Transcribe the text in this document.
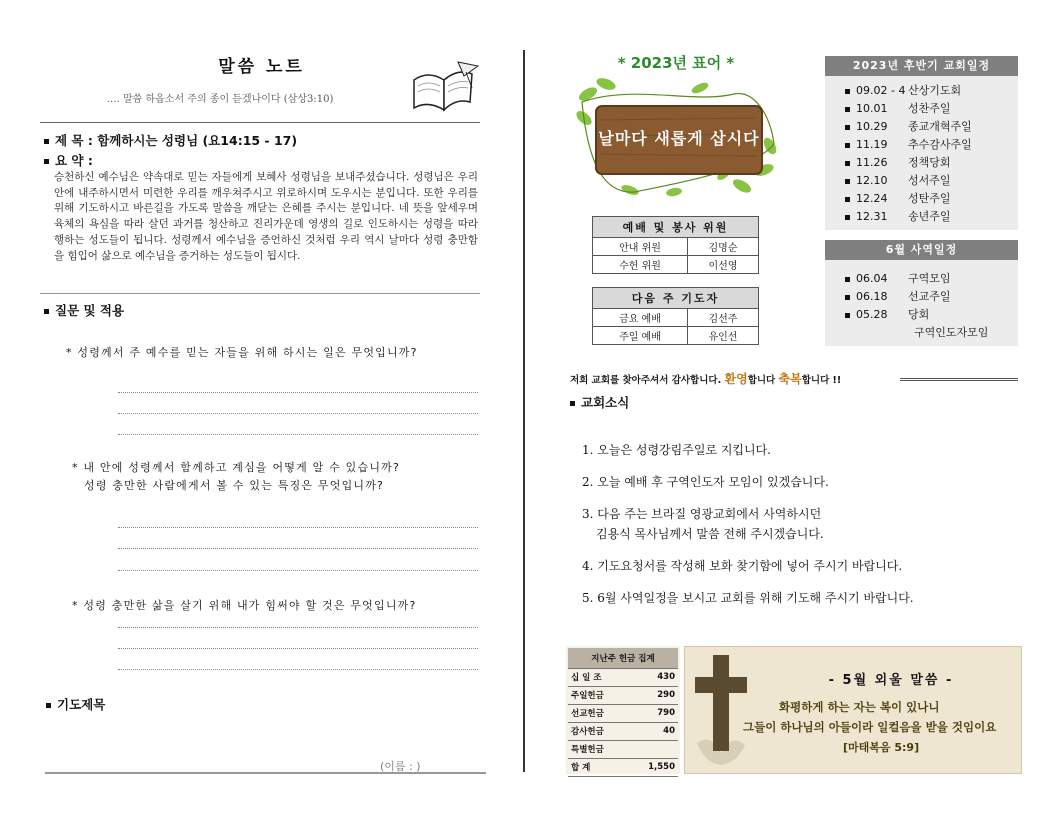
말씀 노트
…. 말씀 하옵소서 주의 종이 듣겠나이다 (삼상3:10)
제 목 : 함께하시는 성령님 (요14:15 - 17)
요 약 :
승천하신 예수님은 약속대로 믿는 자들에게 보혜사 성령님을 보내주셨습니다. 성령님은 우리 안에 내주하시면서 미련한 우리를 깨우쳐주시고 위로하시며 도우시는 분입니다. 또한 우리를 위해 기도하시고 바른길을 가도록 말씀을 깨닫는 은혜를 주시는 분입니다. 네 뜻을 앞세우며 육체의 욕심을 따라 살던 과거를 청산하고 진리가운데 영생의 길로 인도하시는 성령을 따라 행하는 성도들이 됩니다. 성령께서 예수님을 증언하신 것처럼 우리 역시 날마다 성령 충만함을 힘입어 삶으로 예수님을 증거하는 성도들이 됩시다.
질문 및 적용
* 성령께서 주 예수를 믿는 자들을 위해 하시는 일은 무엇입니까?
* 내 안에 성령께서 함께하고 계심을 어떻게 알 수 있습니까?
성령 충만한 사람에게서 볼 수 있는 특징은 무엇입니까?
* 성령 충만한 삶을 살기 위해 내가 힘써야 할 것은 무엇입니까?
기도제목
(이름 : )
* 2023년 표어 *
날마다 새롭게 삽시다
예배 및 봉사 위원	
안내 위원	김명순
수헌 위원	이선영
다음 주 기도자	
금요 예배	김선주
주일 예배	유인선
2023년 후반기 교회일정
09.02 - 4 산상기도회
10.01 성찬주일
10.29 종교개혁주일
11.19 추수감사주일
11.26 정책당회
12.10 성서주일
12.24 성탄주일
12.31 송년주일
6월 사역일정
06.04 구역모임
06.18 선교주일
05.28 당회
구역인도자모임
저희 교회를 찾아주셔서 감사합니다. 환영합니다 축복합니다 !!
교회소식
1. 오늘은 성령강림주일로 지킵니다.
2. 오늘 예배 후 구역인도자 모임이 있겠습니다.
3. 다음 주는 브라질 영광교회에서 사역하시던
김용식 목사님께서 말씀 전해 주시겠습니다.
4. 기도요청서를 작성해 보화 찾기함에 넣어 주시기 바랍니다.
5. 6월 사역일정을 보시고 교회를 위해 기도해 주시기 바랍니다.
지난주 헌금 집계	
십 일 조	430
주일헌금	290
선교헌금	790
감사헌금	40
특별헌금	
합 계	1,550
- 5월 외울 말씀 -
화평하게 하는 자는 복이 있나니
그들이 하나님의 아들이라 일컬음을 받을 것임이요
[마태복음 5:9]
